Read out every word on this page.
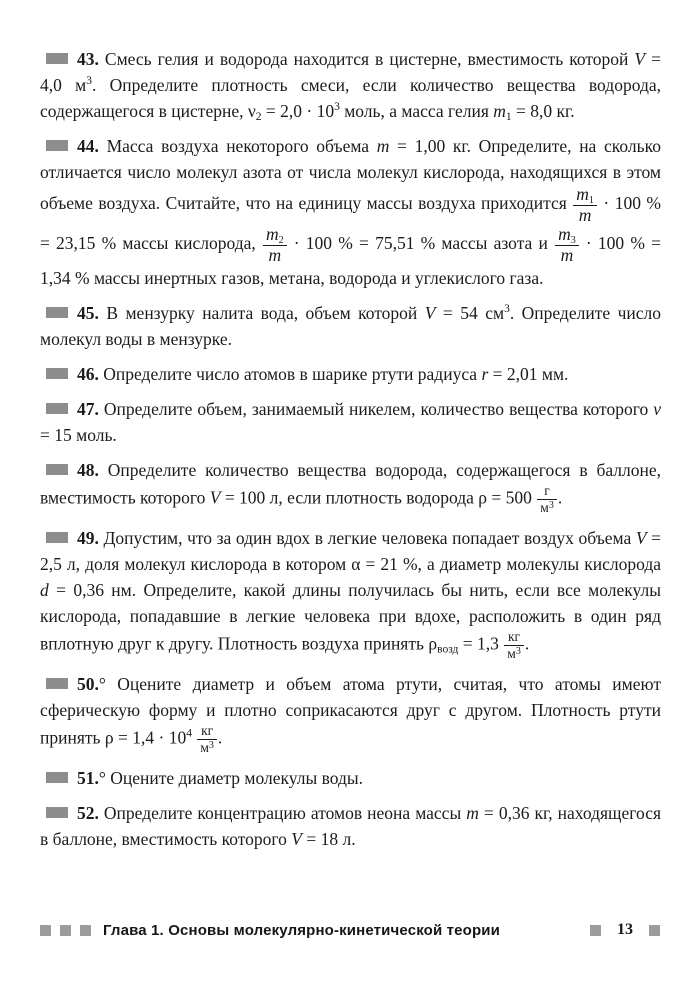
43. Смесь гелия и водорода находится в цистерне, вместимость которой V = 4,0 $м^3$. Определите плотность смеси, если количество вещества водорода, содержащегося в цистерне, $\nu_2 = 2,0 \cdot 10^3$ моль, а масса гелия $m_1 = 8,0$ кг.

44. Масса воздуха некоторого объема m = 1,00 кг. Определите, на сколько отличается число молекул азота от числа молекул кислорода, находящихся в этом объеме воздуха. Считайте, что на единицу массы воздуха приходится $\frac{m_1}{m} \cdot 100$ % = 23,15 % массы кислорода, $\frac{m_2}{m} \cdot 100$ % = 75,51 % массы азота и $\frac{m_3}{m} \cdot 100$ % = 1,34 % массы инертных газов, метана, водорода и углекислого газа.

45. В мензурку налита вода, объем которой V = 54 $см^3$. Определите число молекул воды в мензурке.

46. Определите число атомов в шарике ртути радиуса r = 2,01 мм.

47. Определите объем, занимаемый никелем, количество вещества которого ν = 15 моль.

48. Определите количество вещества водорода, содержащегося в баллоне, вместимость которого V = 100 л, если плотность водорода $\rho = 500 \frac{г}{м^3}$ .

49. Допустим, что за один вдох в легкие человека попадает воздух объема V = 2,5 л, доля молекул кислорода в котором α = 21 %, а диаметр молекулы кислорода d = 0,36 нм. Определите, какой длины получилась бы нить, если все молекулы кислорода, попадавшие в легкие человека при вдохе, расположить в один ряд вплотную друг к другу. Плотность воздуха принять $\rho_{возд} = 1,3 \frac{кг}{м^3}$ .

50.° Оцените диаметр и объем атома ртути, считая, что атомы имеют сферическую форму и плотно соприкасаются друг с другом. Плотность ртути принять $\rho = 1,4 \cdot 10^4 \frac{кг}{м^3}$ .

51.° Оцените диаметр молекулы воды.

52. Определите концентрацию атомов неона массы m = 0,36 кг, находящегося в баллоне, вместимость которого V = 18 л.

Глава 1. Основы молекулярно-кинетической теории	13
